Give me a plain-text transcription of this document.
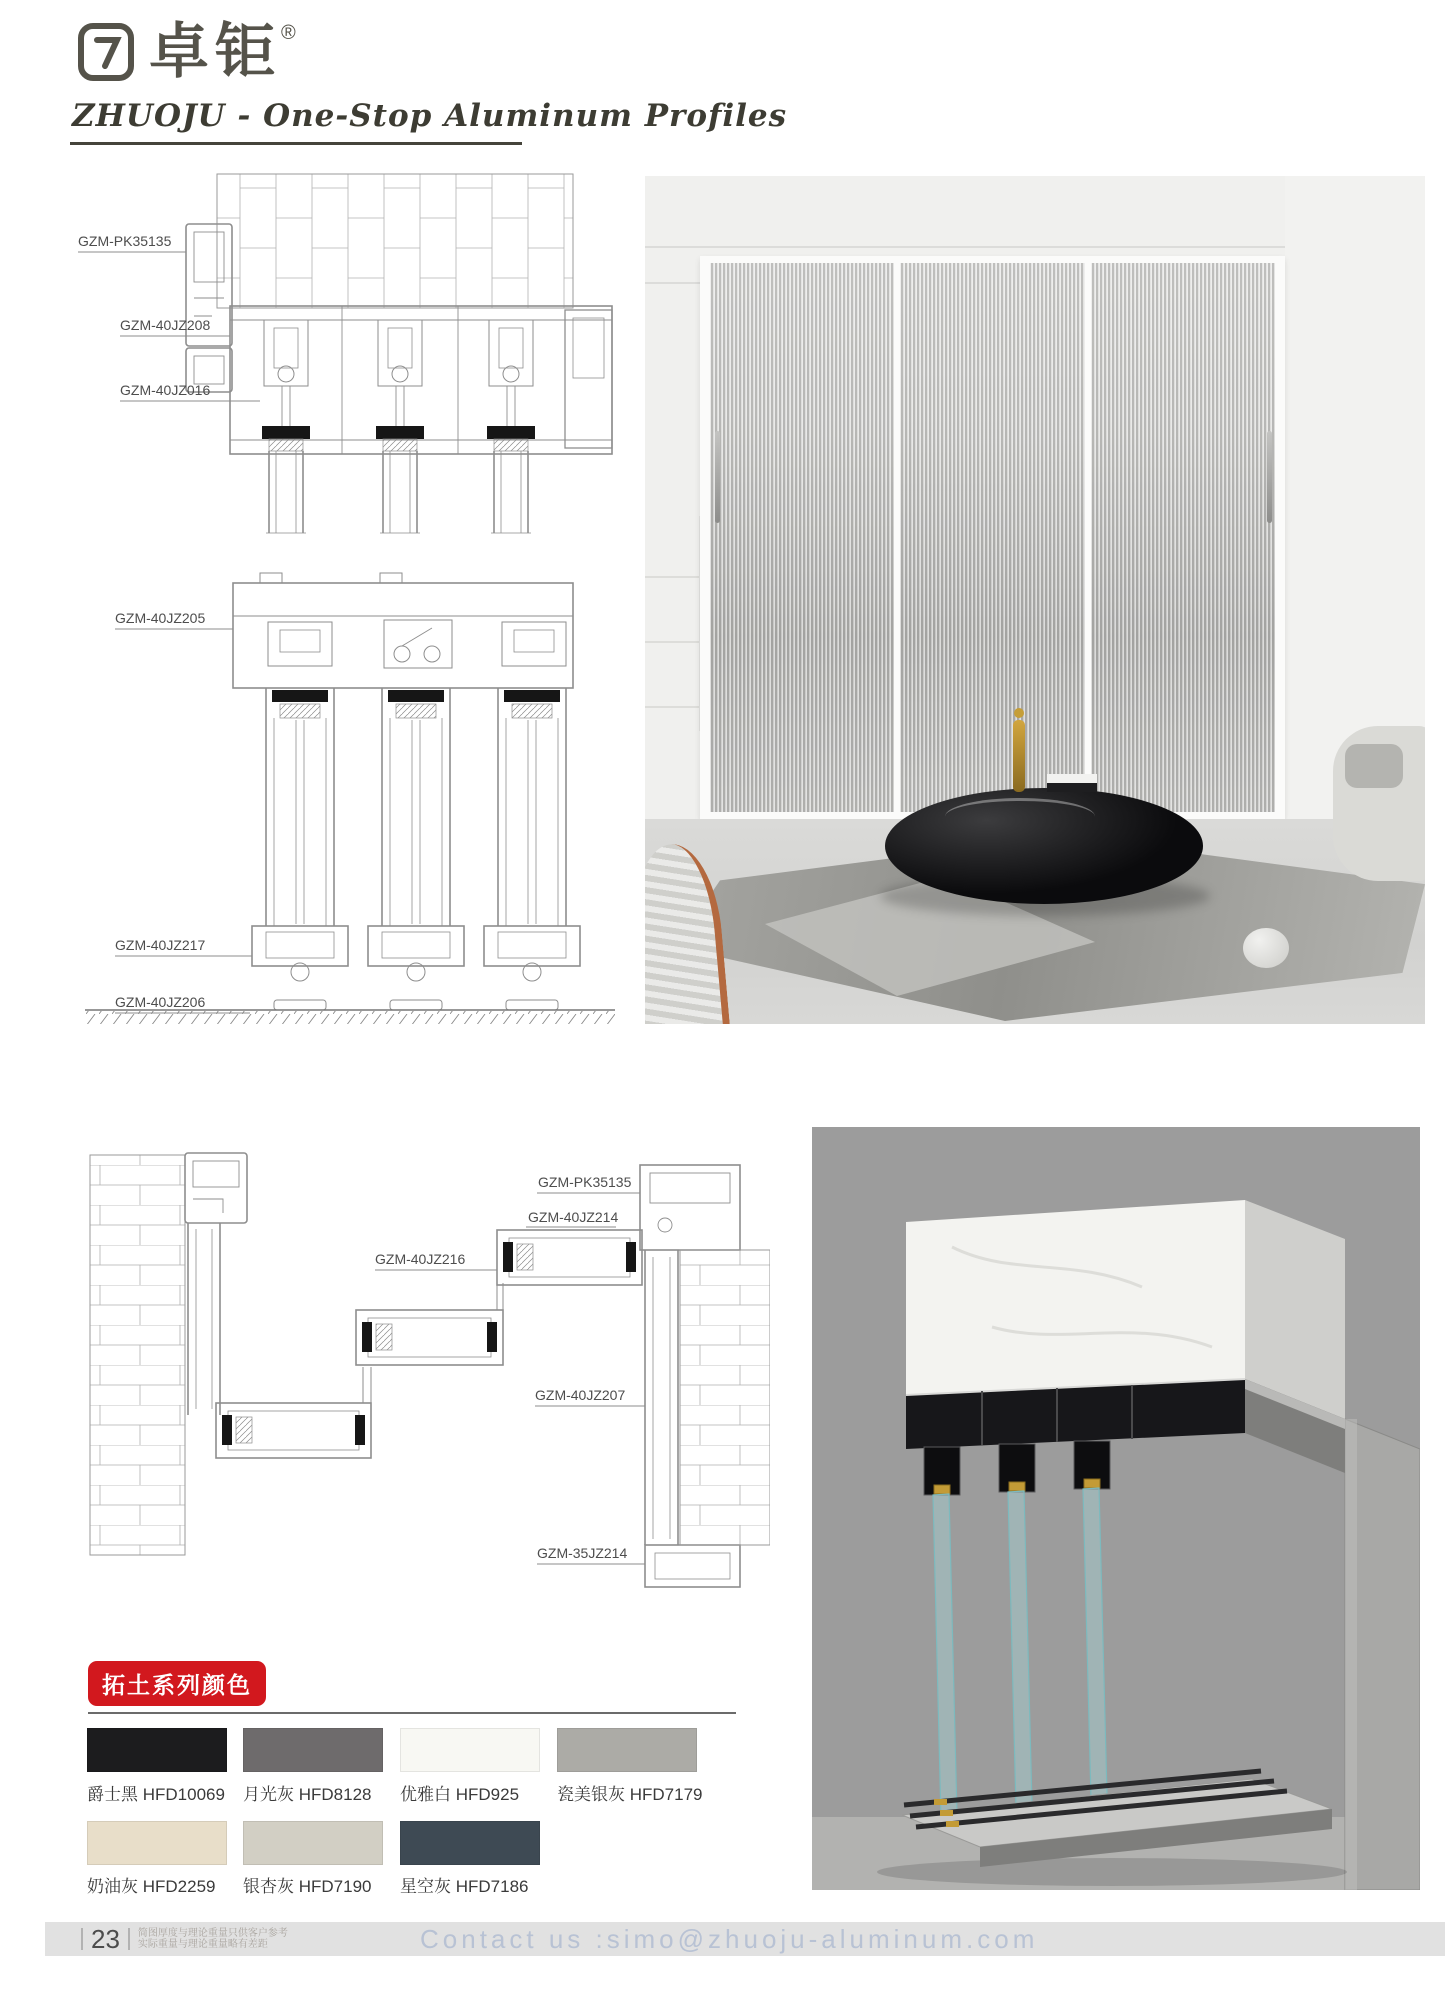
卓钜 ®
ZHUOJU - One-Stop Aluminum Profiles
GZM-PK35135
GZM-40JZ208
GZM-40JZ016
GZM-40JZ205
GZM-40JZ217
GZM-40JZ206
GZM-PK35135
GZM-40JZ214
GZM-40JZ216
GZM-40JZ207
GZM-35JZ214
拓土系列颜色
爵士黑 HFD10069 月光灰 HFD8128 优雅白 HFD925 瓷美银灰 HFD7179
奶油灰 HFD2259 银杏灰 HFD7190 星空灰 HFD7186
23 简图厚度与理论重量只供客户参考
实际重量与理论重量略有差距	Contact us :simo@zhuoju-aluminum.com
